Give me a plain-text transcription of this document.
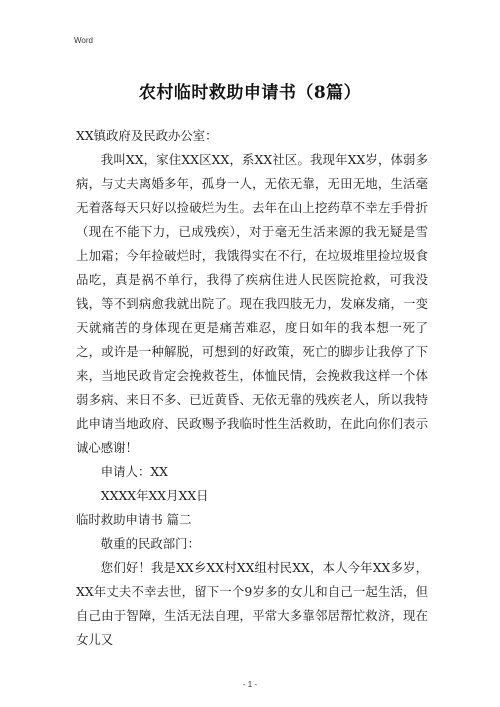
Word
农村临时救助申请书（8篇）

XX镇政府及民政办公室：

我叫XX，家住XX区XX，系XX社区。我现年XX岁，体弱多病，与丈夫离婚多年，孤身一人，无依无靠，无田无地，生活毫无着落每天只好以捡破烂为生。去年在山上挖药草不幸左手骨折（现在不能下力，已成残疾），对于毫无生活来源的我无疑是雪上加霜；今年捡破烂时，我饿得实在不行，在垃圾堆里捡垃圾食品吃，真是祸不单行，我得了疾病住进人民医院抢救，可我没钱，等不到病愈我就出院了。现在我四肢无力，发麻发痛，一变天就痛苦的身体现在更是痛苦难忍，度日如年的我本想一死了之，或许是一种解脱，可想到的好政策，死亡的脚步让我停了下来，当地民政肯定会挽救苍生，体恤民情，会挽救我这样一个体弱多病、来日不多、已近黄昏、无依无靠的残疾老人，所以我特此申请当地政府、民政赐予我临时性生活救助，在此向你们表示诚心感谢！

申请人：XX

XXXX年XX月XX日

临时救助申请书 篇二

敬重的民政部门：

您们好！我是XX乡XX村XX组村民XX，本人今年XX多岁，XX年丈夫不幸去世，留下一个9岁多的女儿和自己一起生活，但自己由于智障，生活无法自理，平常大多靠邻居帮忙救济，现在女儿又

- 1 -
